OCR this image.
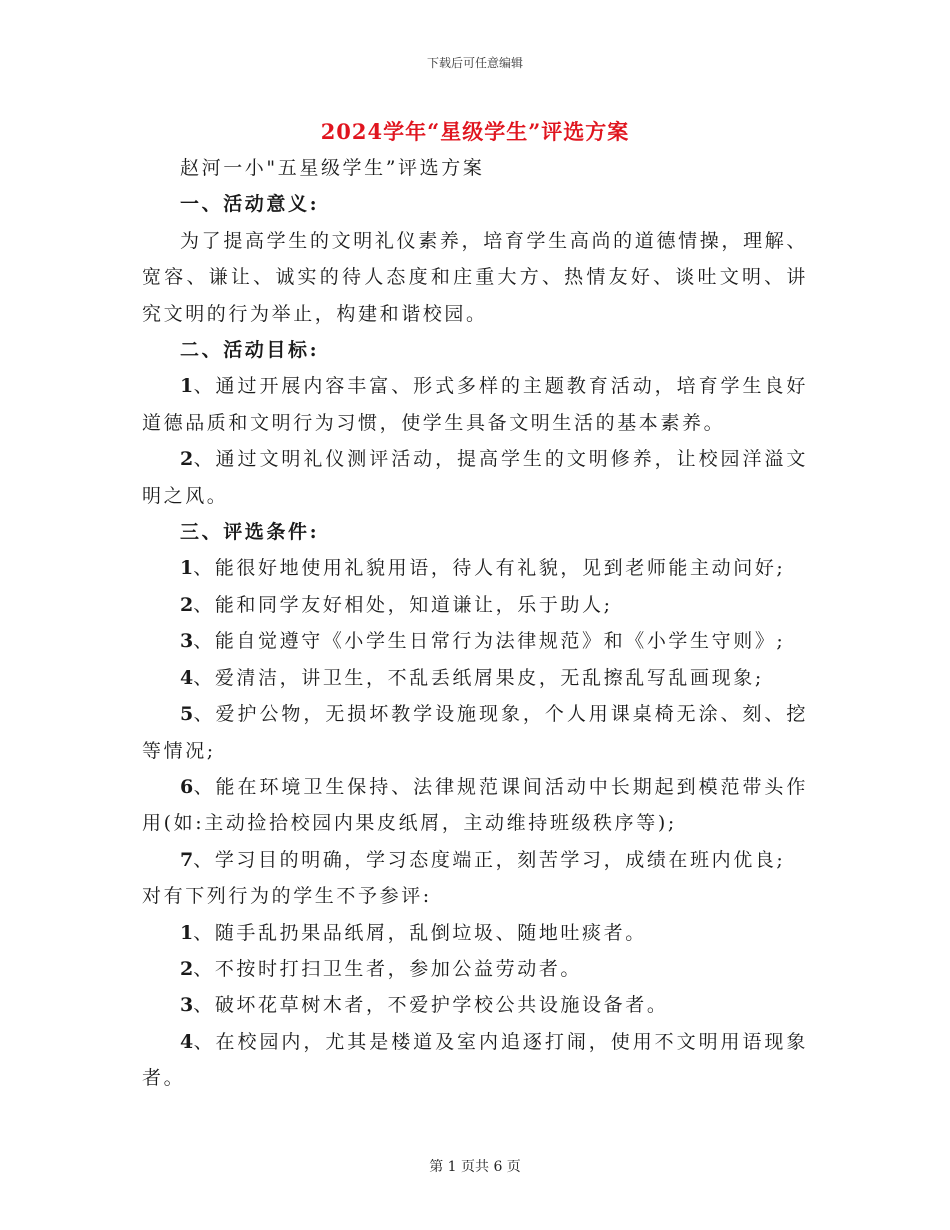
下载后可任意编辑
2024学年“星级学生”评选方案

赵河一小"五星级学生”评选方案

一、活动意义:

为了提高学生的文明礼仪素养，培育学生高尚的道德情操，理解、宽容、谦让、诚实的待人态度和庄重大方、热情友好、谈吐文明、讲究文明的行为举止，构建和谐校园。

二、活动目标:

1、通过开展内容丰富、形式多样的主题教育活动，培育学生良好道德品质和文明行为习惯，使学生具备文明生活的基本素养。

2、通过文明礼仪测评活动，提高学生的文明修养，让校园洋溢文明之风。

三、评选条件:

1、能很好地使用礼貌用语，待人有礼貌，见到老师能主动问好;

2、能和同学友好相处，知道谦让，乐于助人;

3、能自觉遵守《小学生日常行为法律规范》和《小学生守则》;

4、爱清洁，讲卫生，不乱丢纸屑果皮，无乱擦乱写乱画现象;

5、爱护公物，无损坏教学设施现象，个人用课桌椅无涂、刻、挖等情况;

6、能在环境卫生保持、法律规范课间活动中长期起到模范带头作用(如:主动捡拾校园内果皮纸屑，主动维持班级秩序等);

7、学习目的明确，学习态度端正，刻苦学习，成绩在班内优良;

对有下列行为的学生不予参评:

1、随手乱扔果品纸屑，乱倒垃圾、随地吐痰者。

2、不按时打扫卫生者，参加公益劳动者。

3、破坏花草树木者，不爱护学校公共设施设备者。

4、在校园内，尤其是楼道及室内追逐打闹，使用不文明用语现象者。

第 1 页共 6 页
